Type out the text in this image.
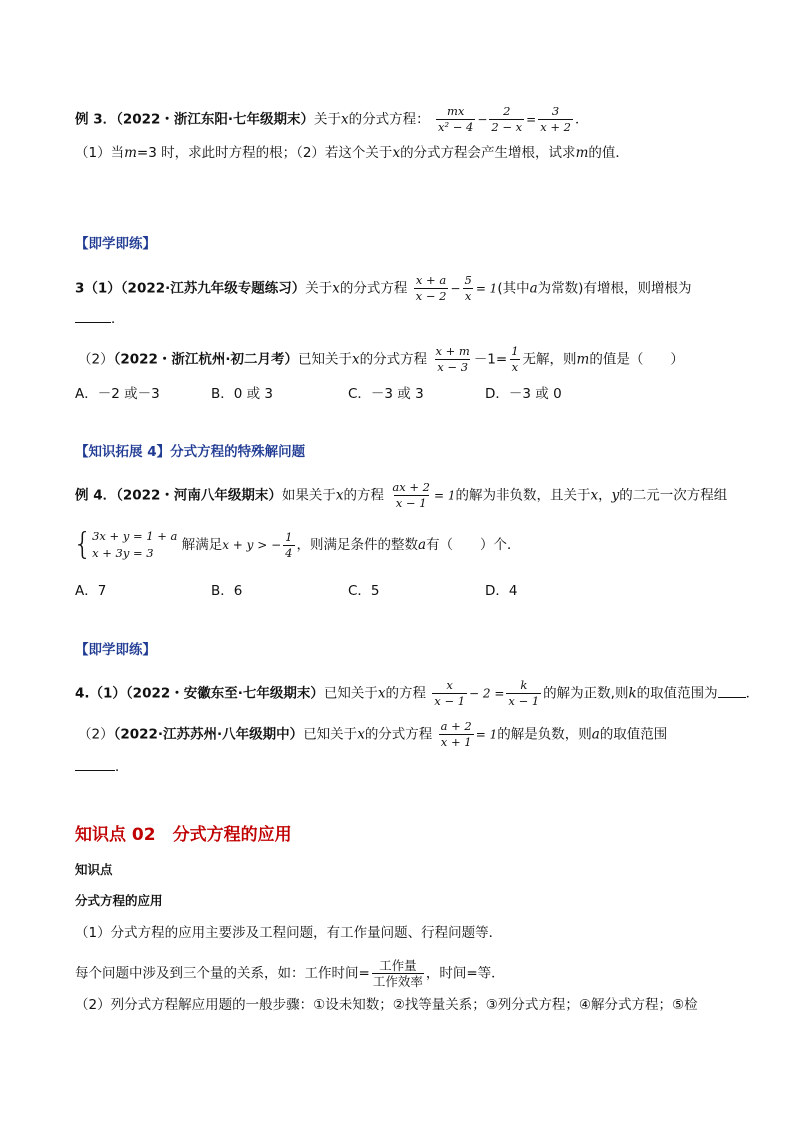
例 3．（2022・浙江东阳·七年级期末）关于x的分式方程： $\frac{mx}{\text{x² − 4}} - \frac{2}{2 - x} = \frac{3}{x + 2}$ ．
（1）当m=3 时，求此时方程的根；（2）若这个关于x的分式方程会产生增根，试求m的值．
【即学即练】
3（1）（2022·江苏九年级专题练习）关于x的分式方程 $\frac{x + a}{x - 2} - \frac{5}{x} = 1$(其中a为常数)有增根，则增根为
．
（2）（2022・浙江杭州·初二月考）已知关于x的分式方程 $\frac{x + m}{x - 3} -1= \frac{1}{x}$ 无解，则m的值是（　　）
A．－2 或－3	B．0 或 3	C．－3 或 3	D．－3 或 0
【知识拓展 4】分式方程的特殊解问题
例 4．（2022・河南八年级期末）如果关于x的方程 $\frac{ax + 2}{x - 1} = 1$的解为非负数，且关于x，y的二元一次方程组
{ 3x + y = 1 + a
x + 3y = 3	解满足x + y > − $\frac{1}{4}$ ，则满足条件的整数a有（　　）个．
A．7	B．6	C．5	D．4
【即学即练】
4.（1）（2022・安徽东至·七年级期末）已知关于x的方程 $\frac{x}{x - 1} - 2 = \frac{k}{x - 1}$ 的解为正数,则k的取值范围为 ．
（2）（2022·江苏苏州·八年级期中）已知关于x的分式方程 $\frac{a + 2}{x + 1} = 1$的解是负数，则a的取值范围
．
知识点 02　分式方程的应用
知识点
分式方程的应用
（1）分式方程的应用主要涉及工程问题，有工作量问题、行程问题等．
每个问题中涉及到三个量的关系，如：工作时间= $\frac{\text{工作量}}{\text{工作效率}}$ ，时间=等．
（2）列分式方程解应用题的一般步骤：①设未知数；②找等量关系；③列分式方程；④解分式方程；⑤检
